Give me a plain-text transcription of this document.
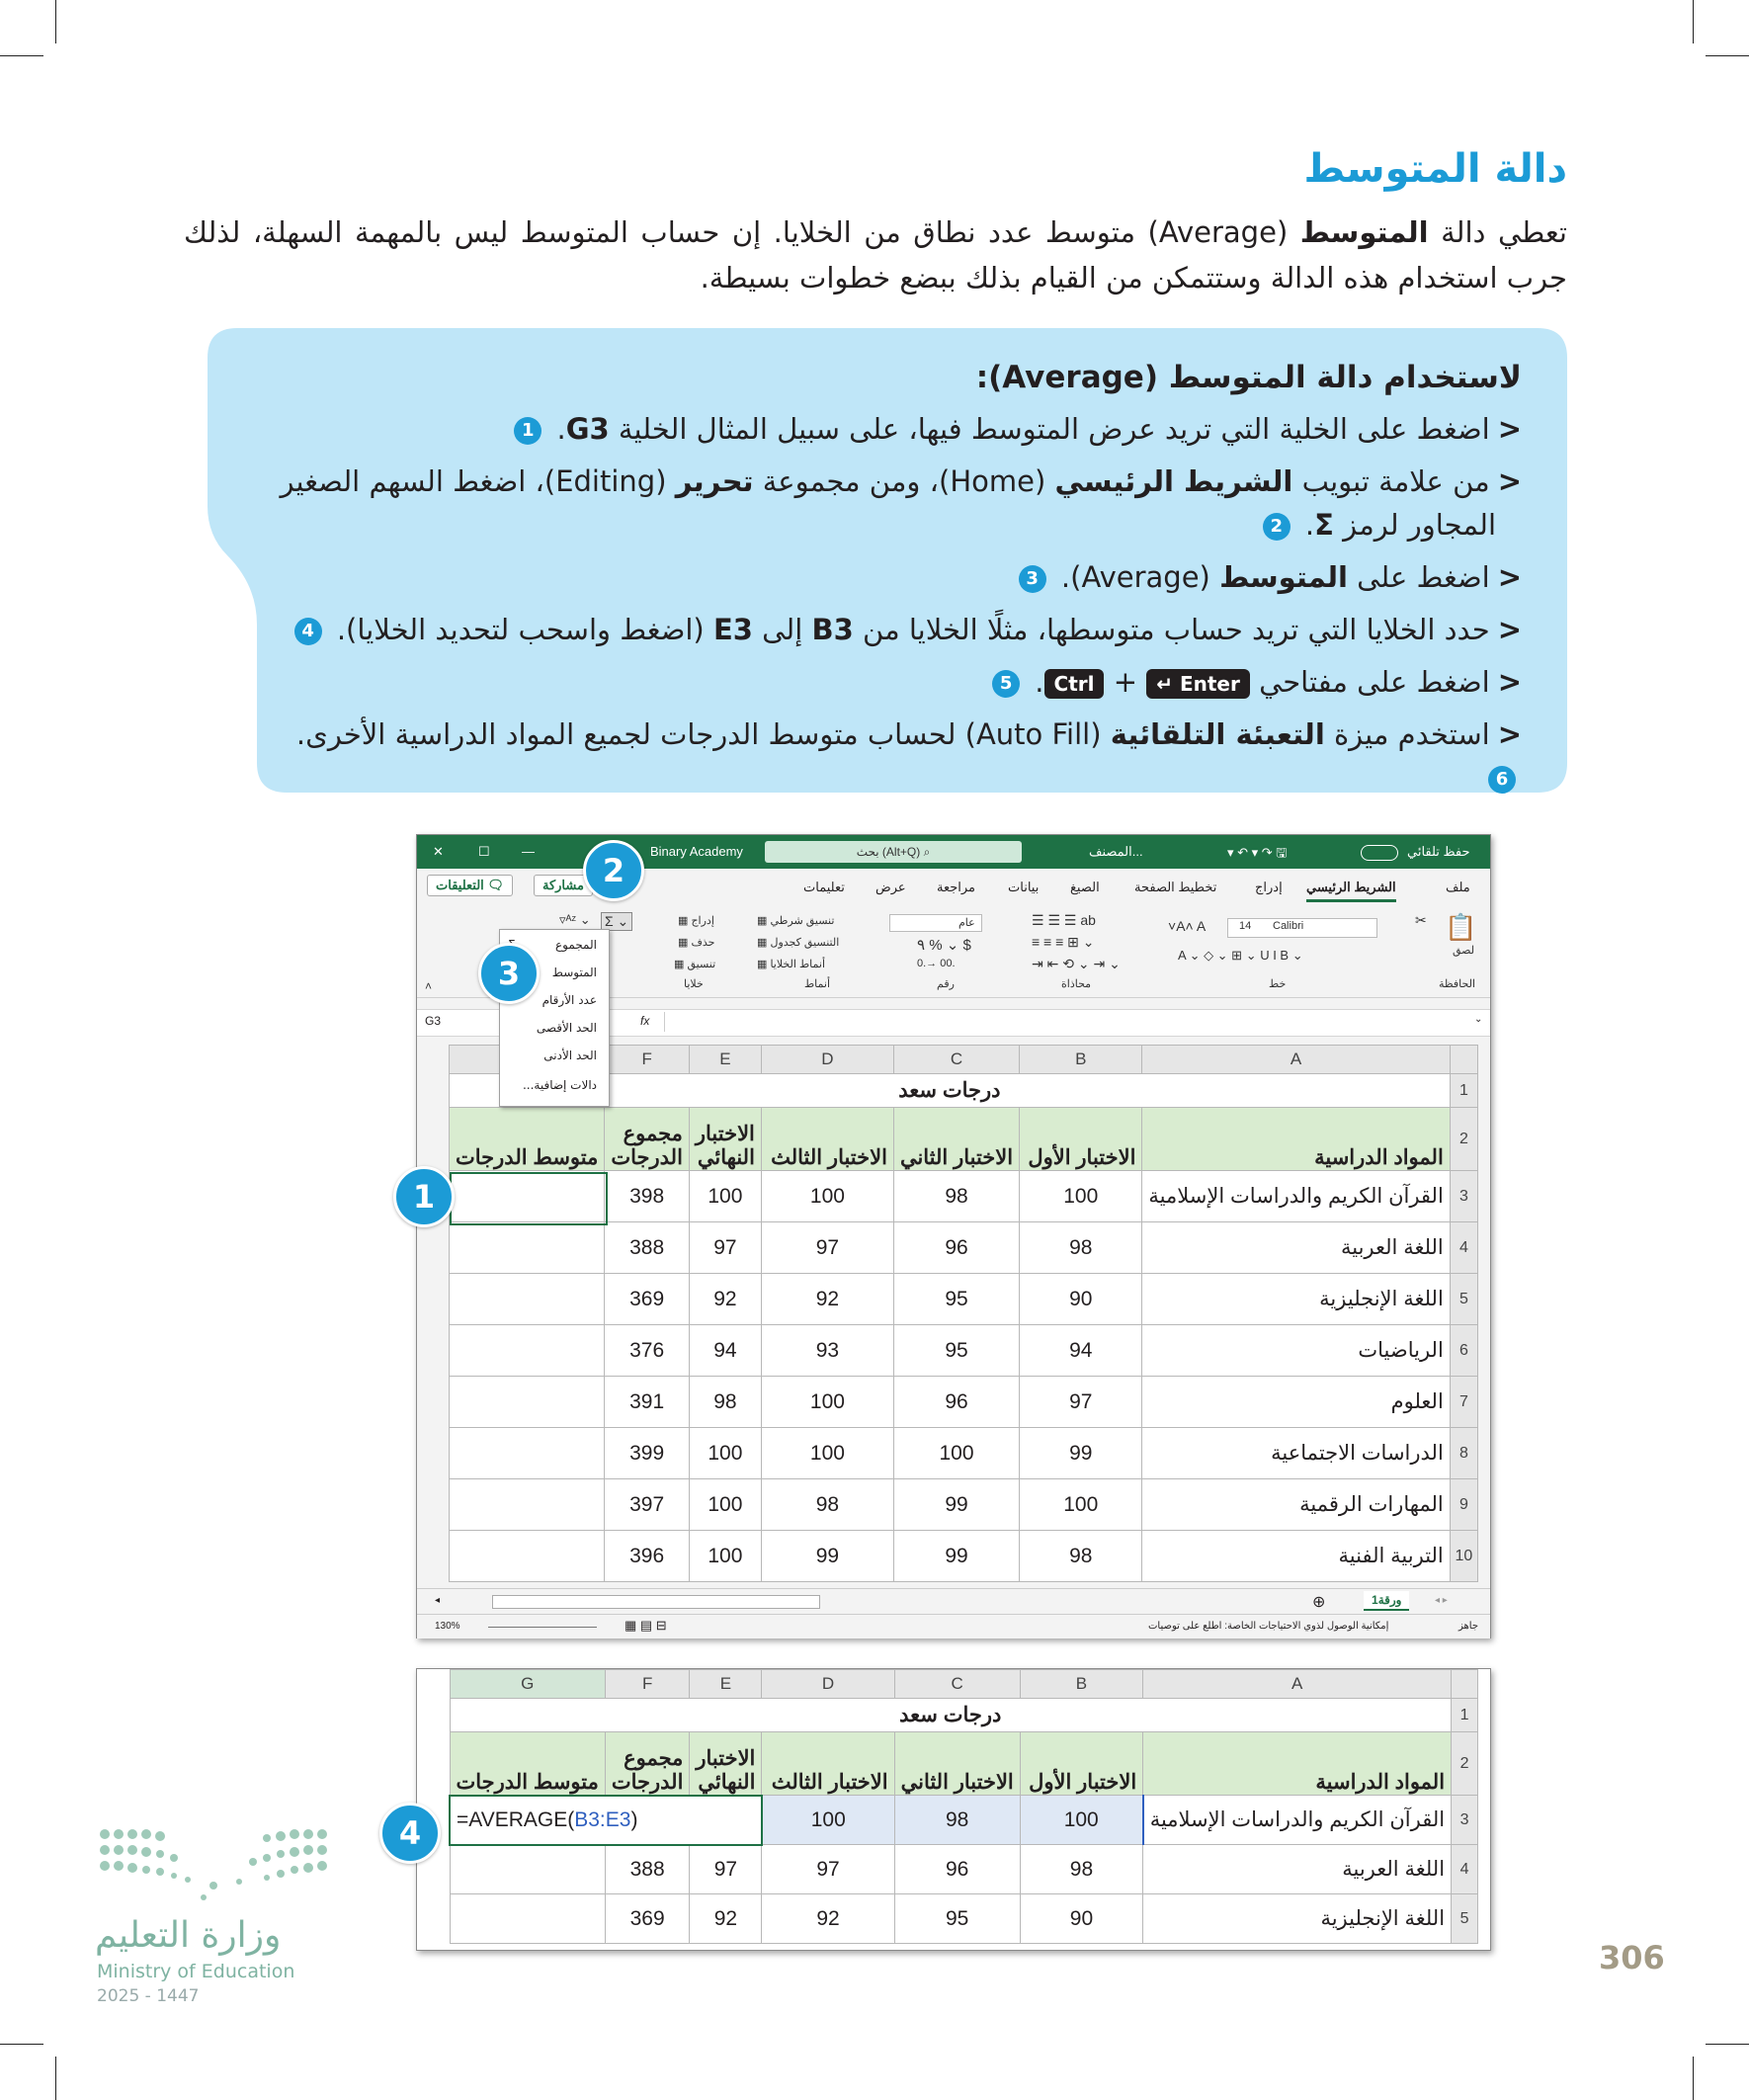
دالة المتوسط
تعطي دالة المتوسط (Average) متوسط عدد نطاق من الخلايا. إن حساب المتوسط ليس بالمهمة السهلة، لذلك جرب استخدام هذه الدالة وستتمكن من القيام بذلك ببضع خطوات بسيطة.
لاستخدام دالة المتوسط (Average):
<اضغط على الخلية التي تريد عرض المتوسط فيها، على سبيل المثال الخلية G3. 1
<من علامة تبويب الشريط الرئيسي (Home)، ومن مجموعة تحرير (Editing)، اضغط السهم الصغير
المجاور لرمز Σ. 2
<اضغط على المتوسط (Average). 3
<حدد الخلايا التي تريد حساب متوسطها، مثلًا الخلايا من B3 إلى E3 (اضغط واسحب لتحديد الخلايا). 4
<اضغط على مفتاحي Enter ↵ + Ctrl. 5
<استخدم ميزة التعبئة التلقائية (Auto Fill) لحساب متوسط الدرجات لجميع المواد الدراسية الأخرى. 6
✕	☐ —	Binary Academy	بحث (Alt+Q) ⌕	المصنف...	▾ ↶ ▾ ↷ 🖫	حفظ تلقائي
التعليقات 🗨	مشاركة	تعليمات عرض مراجعة	بيانات الصيغ	تخطيط الصفحة	إدراج الشريط الرئيسي	ملف
📋
لصق
✂
الحافظة
Calibri
14
A˄ A˅
⌄ A ⌄ ◇ ⌄ ⊞ ⌄ U I B
خط
ab ☰ ☰ ☰
⌄ ⊞ ≡ ≡ ≡
⌄ ⇥ ⌄ ⟲ ⇤ ⇥
محاذاة
عام
$ ⌄ % ٩
.00 →.0
رقم
تنسيق شرطي ▦
التنسيق كجدول ▦
أنماط الخلايا ▦
أنماط
إدراج ▦
حذف ▦
تنسيق ▦
خلايا
⌄ Σ
⌄ ᴬᶻ▿
˄
G3	fx	⌄
	F	E	D	C	B	A	
درجات سعد							1
متوسط الدرجات	مجموع الدرجات	الاختبار النهائي	الاختبار الثالث	الاختبار الثاني	الاختبار الأول	المواد الدراسية	2
	398	100	100	98	100	القرآن الكريم والدراسات الإسلامية	3
	388	97	97	96	98	اللغة العربية	4
	369	92	92	95	90	اللغة الإنجليزية	5
	376	94	93	95	94	الرياضيات	6
	391	98	100	96	97	العلوم	7
	399	100	100	100	99	الدراسات الاجتماعية	8
	397	100	98	99	100	المهارات الرقمية	9
	396	100	99	99	98	التربية الفنية	10
◂	⊕	ورقة1	◂ ▸
130%	▦ ▤ ⊟	إمكانية الوصول لذوي الاحتياجات الخاصة: اطلع على توصيات	جاهز
المجموع
المتوسط
عدد الأرقام
الحد الأقصى
الحد الأدنى
دالات إضافية...
1
2
3
G	F	E	D	C	B	A	
درجات سعد							1
متوسط الدرجات	مجموع الدرجات	الاختبار النهائي	الاختبار الثالث	الاختبار الثاني	الاختبار الأول	المواد الدراسية	2
=AVERAGE(B3:E3)			100	98	100	القرآن الكريم والدراسات الإسلامية	3
	388	97	97	96	98	اللغة العربية	4
	369	92	92	95	90	اللغة الإنجليزية	5
4
وزارة التعليم
Ministry of Education
2025 - 1447
306
